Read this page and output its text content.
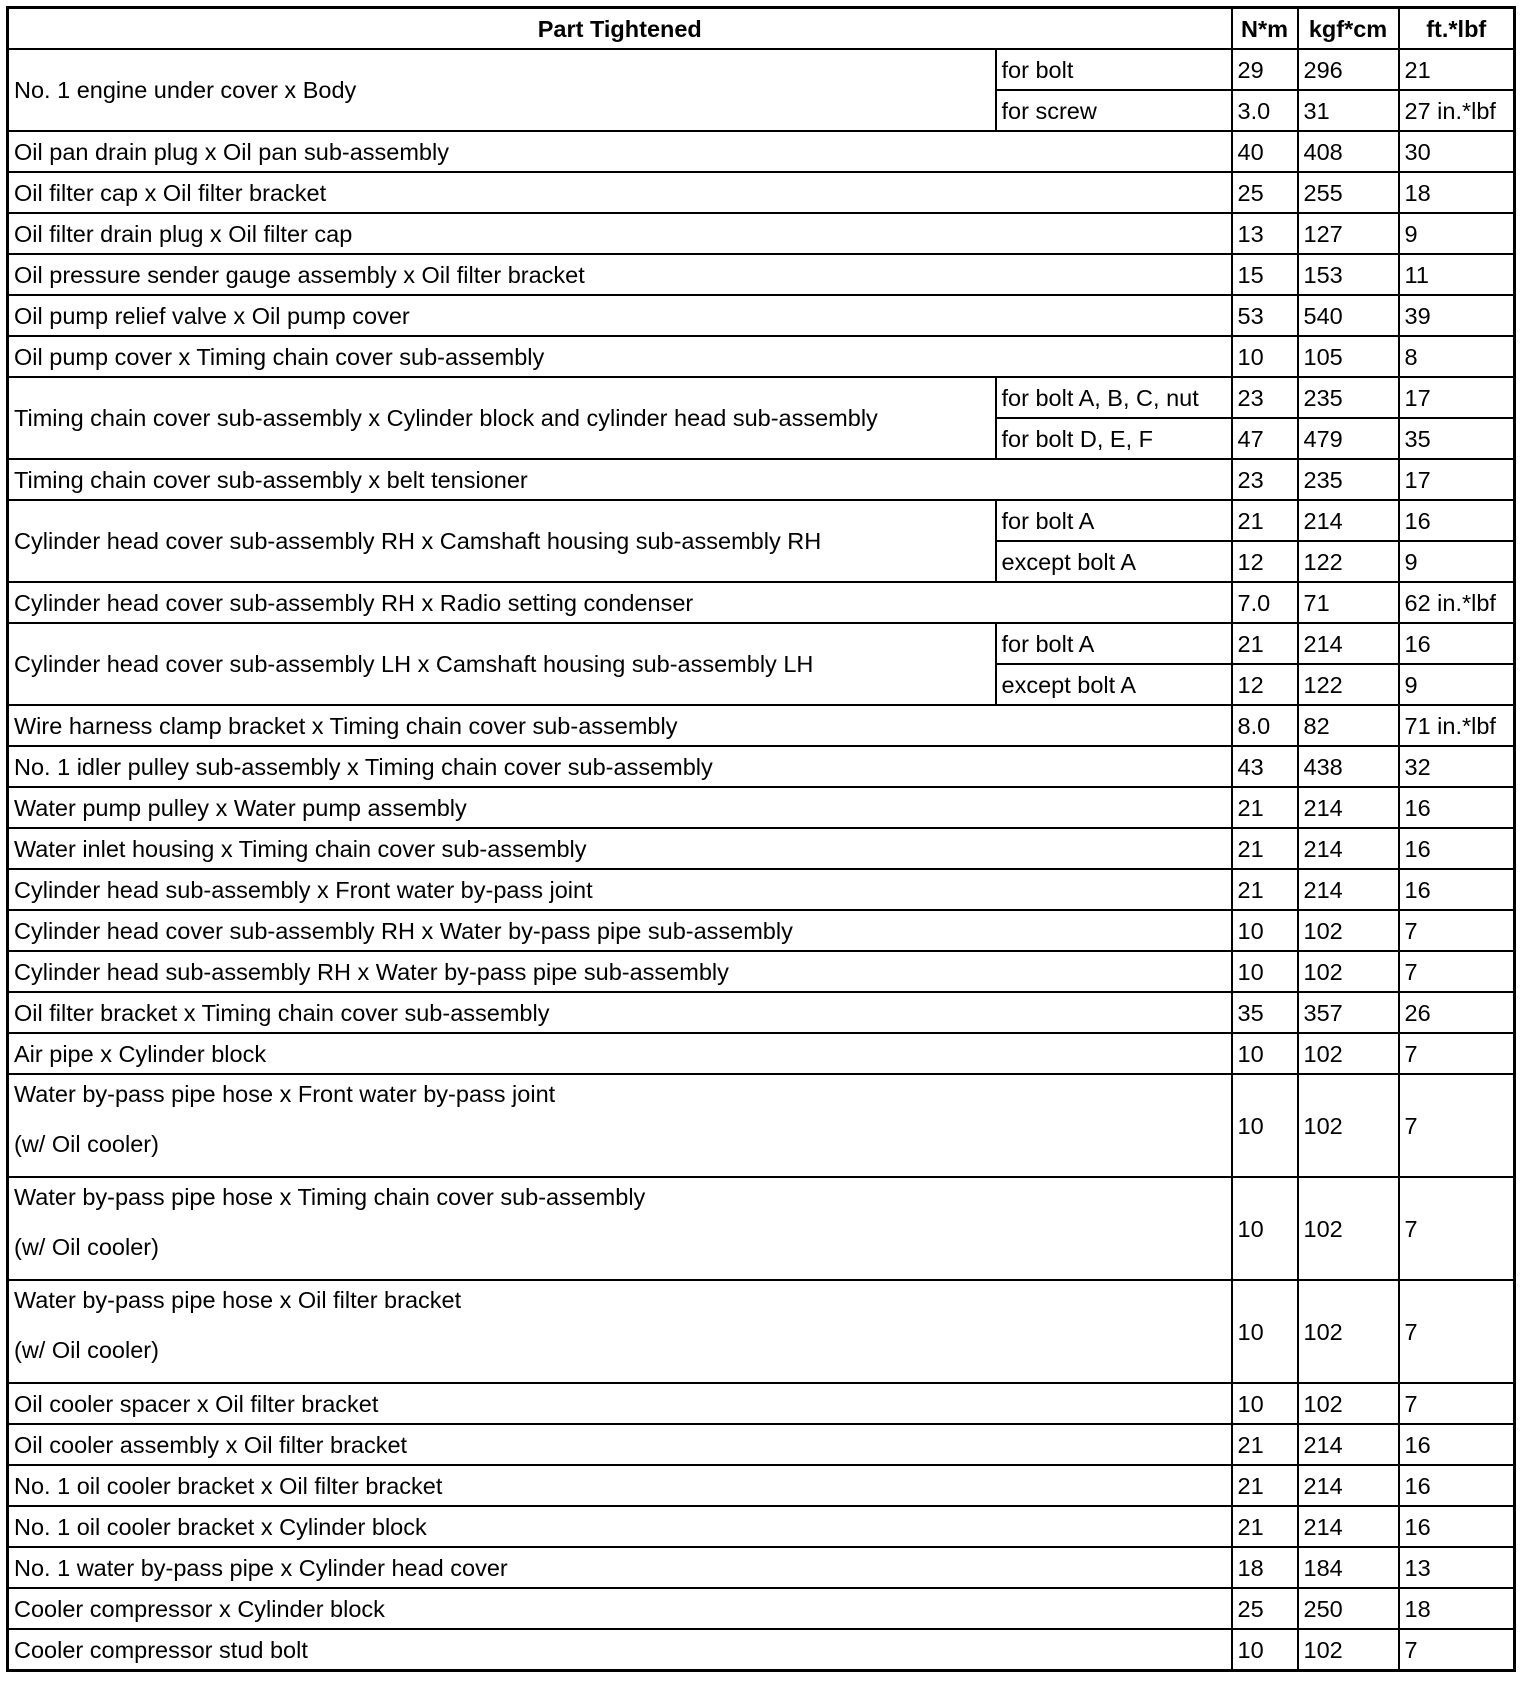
Part Tightened		N*m	kgf*cm	ft.*lbf
No. 1 engine under cover x Body	for bolt	29	296	21
	for screw	3.0	31	27 in.*lbf
Oil pan drain plug x Oil pan sub-assembly		40	408	30
Oil filter cap x Oil filter bracket		25	255	18
Oil filter drain plug x Oil filter cap		13	127	9
Oil pressure sender gauge assembly x Oil filter bracket		15	153	11
Oil pump relief valve x Oil pump cover		53	540	39
Oil pump cover x Timing chain cover sub-assembly		10	105	8
Timing chain cover sub-assembly x Cylinder block and cylinder head sub-assembly	for bolt A, B, C, nut	23	235	17
	for bolt D, E, F	47	479	35
Timing chain cover sub-assembly x belt tensioner		23	235	17
Cylinder head cover sub-assembly RH x Camshaft housing sub-assembly RH	for bolt A	21	214	16
	except bolt A	12	122	9
Cylinder head cover sub-assembly RH x Radio setting condenser		7.0	71	62 in.*lbf
Cylinder head cover sub-assembly LH x Camshaft housing sub-assembly LH	for bolt A	21	214	16
	except bolt A	12	122	9
Wire harness clamp bracket x Timing chain cover sub-assembly		8.0	82	71 in.*lbf
No. 1 idler pulley sub-assembly x Timing chain cover sub-assembly		43	438	32
Water pump pulley x Water pump assembly		21	214	16
Water inlet housing x Timing chain cover sub-assembly		21	214	16
Cylinder head sub-assembly x Front water by-pass joint		21	214	16
Cylinder head cover sub-assembly RH x Water by-pass pipe sub-assembly		10	102	7
Cylinder head sub-assembly RH x Water by-pass pipe sub-assembly		10	102	7
Oil filter bracket x Timing chain cover sub-assembly		35	357	26
Air pipe x Cylinder block		10	102	7
Water by-pass pipe hose x Front water by-pass joint
(w/ Oil cooler)		10	102	7
Water by-pass pipe hose x Timing chain cover sub-assembly
(w/ Oil cooler)		10	102	7
Water by-pass pipe hose x Oil filter bracket
(w/ Oil cooler)		10	102	7
Oil cooler spacer x Oil filter bracket		10	102	7
Oil cooler assembly x Oil filter bracket		21	214	16
No. 1 oil cooler bracket x Oil filter bracket		21	214	16
No. 1 oil cooler bracket x Cylinder block		21	214	16
No. 1 water by-pass pipe x Cylinder head cover		18	184	13
Cooler compressor x Cylinder block		25	250	18
Cooler compressor stud bolt		10	102	7
